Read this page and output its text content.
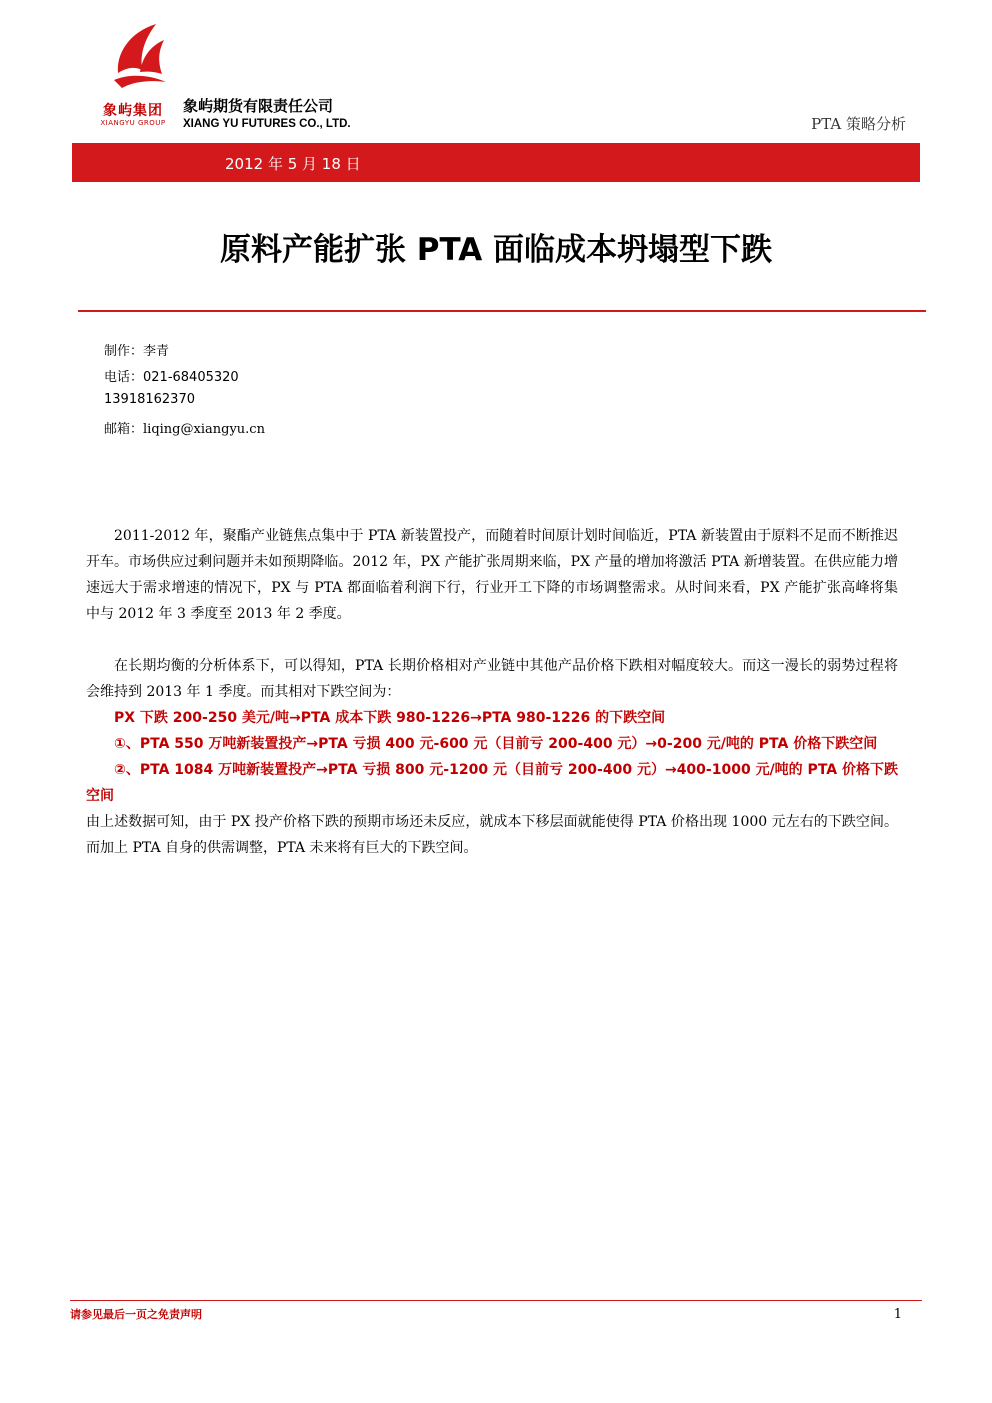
象屿集团
XIANGYU GROUP
象屿期货有限责任公司
XIANG YU FUTURES CO., LTD.	PTA 策略分析
2012 年 5 月 18 日
原料产能扩张 PTA 面临成本坍塌型下跌
制作：李青
电话：021-68405320
13918162370
邮箱：liqing@xiangyu.cn

2011-2012 年，聚酯产业链焦点集中于 PTA 新装置投产，而随着时间原计划时间临近，PTA 新装置由于原料不足而不断推迟开车。市场供应过剩问题并未如预期降临。2012 年，PX 产能扩张周期来临，PX 产量的增加将激活 PTA 新增装置。在供应能力增速远大于需求增速的情况下，PX 与 PTA 都面临着利润下行，行业开工下降的市场调整需求。从时间来看，PX 产能扩张高峰将集中与 2012 年 3 季度至 2013 年 2 季度。

在长期均衡的分析体系下，可以得知，PTA 长期价格相对产业链中其他产品价格下跌相对幅度较大。而这一漫长的弱势过程将会维持到 2013 年 1 季度。而其相对下跌空间为：

PX 下跌 200-250 美元/吨→PTA 成本下跌 980-1226→PTA 980-1226 的下跌空间

①、PTA 550 万吨新装置投产→PTA 亏损 400 元-600 元（目前亏 200-400 元）→0-200 元/吨的 PTA 价格下跌空间

②、PTA 1084 万吨新装置投产→PTA 亏损 800 元-1200 元（目前亏 200-400 元）→400-1000 元/吨的 PTA 价格下跌空间

由上述数据可知，由于 PX 投产价格下跌的预期市场还未反应，就成本下移层面就能使得 PTA 价格出现 1000 元左右的下跌空间。而加上 PTA 自身的供需调整，PTA 未来将有巨大的下跌空间。

请参见最后一页之免责声明	1
